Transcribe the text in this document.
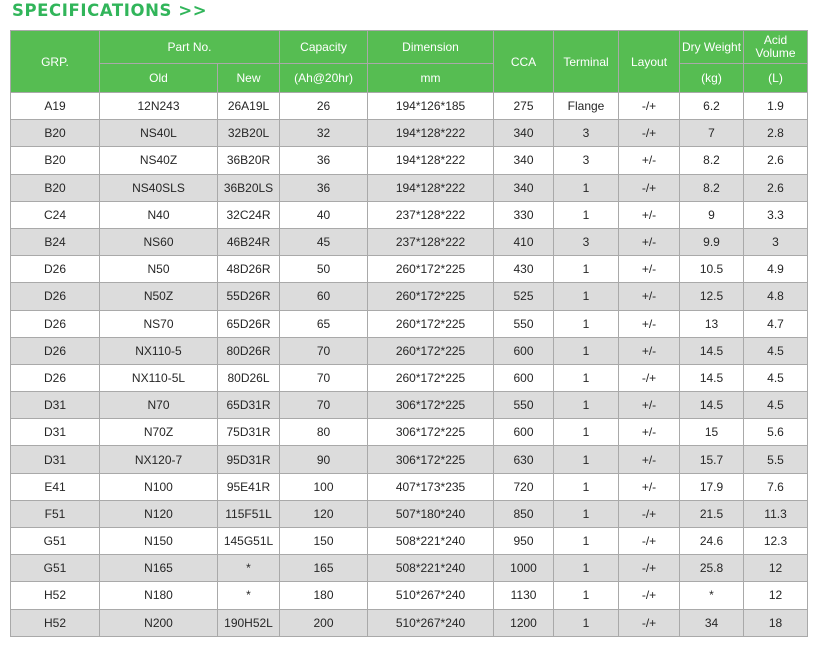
SPECIFICATIONS >>
GRP.	Part No.		Capacity	Dimension	CCA	Terminal	Layout	Dry Weight	Acid Volume
	Old	New	(Ah@20hr)	mm				(kg)	(L)
A19	12N243	26A19L	26	194*126*185	275	Flange	-/+	6.2	1.9
B20	NS40L	32B20L	32	194*128*222	340	3	-/+	7	2.8
B20	NS40Z	36B20R	36	194*128*222	340	3	+/-	8.2	2.6
B20	NS40SLS	36B20LS	36	194*128*222	340	1	-/+	8.2	2.6
C24	N40	32C24R	40	237*128*222	330	1	+/-	9	3.3
B24	NS60	46B24R	45	237*128*222	410	3	+/-	9.9	3
D26	N50	48D26R	50	260*172*225	430	1	+/-	10.5	4.9
D26	N50Z	55D26R	60	260*172*225	525	1	+/-	12.5	4.8
D26	NS70	65D26R	65	260*172*225	550	1	+/-	13	4.7
D26	NX110-5	80D26R	70	260*172*225	600	1	+/-	14.5	4.5
D26	NX110-5L	80D26L	70	260*172*225	600	1	-/+	14.5	4.5
D31	N70	65D31R	70	306*172*225	550	1	+/-	14.5	4.5
D31	N70Z	75D31R	80	306*172*225	600	1	+/-	15	5.6
D31	NX120-7	95D31R	90	306*172*225	630	1	+/-	15.7	5.5
E41	N100	95E41R	100	407*173*235	720	1	+/-	17.9	7.6
F51	N120	115F51L	120	507*180*240	850	1	-/+	21.5	11.3
G51	N150	145G51L	150	508*221*240	950	1	-/+	24.6	12.3
G51	N165	*	165	508*221*240	1000	1	-/+	25.8	12
H52	N180	*	180	510*267*240	1130	1	-/+	*	12
H52	N200	190H52L	200	510*267*240	1200	1	-/+	34	18
